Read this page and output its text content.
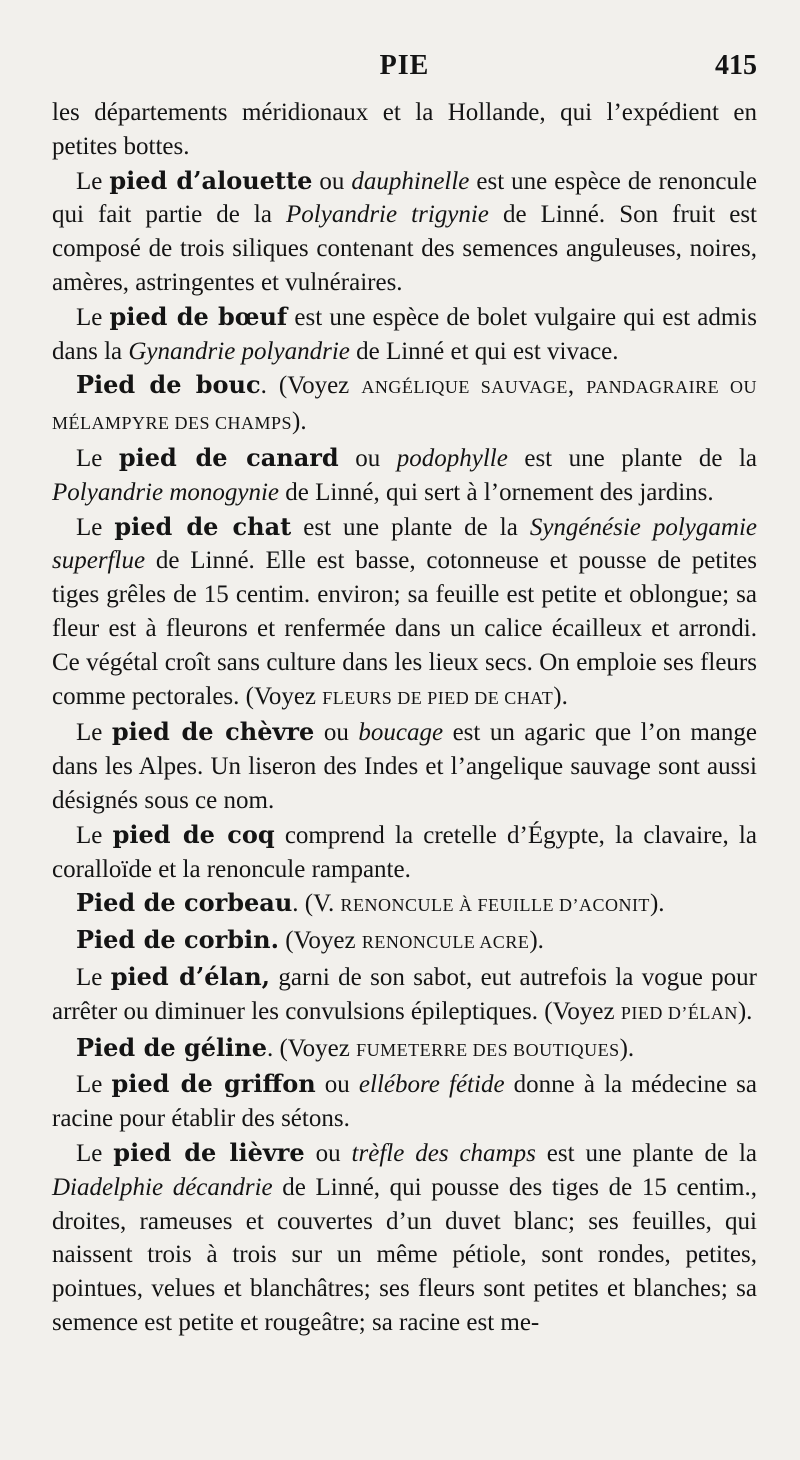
PIE	415

les départements méridionaux et la Hollande, qui l’expédient en petites bottes.

Le pied d’alouette ou dauphinelle est une espèce de renoncule qui fait partie de la Polyandrie trigynie de Linné. Son fruit est composé de trois siliques contenant des semences anguleuses, noires, amères, astringentes et vulnéraires.

Le pied de bœuf est une espèce de bolet vulgaire qui est admis dans la Gynandrie polyandrie de Linné et qui est vivace.

Pied de bouc. (Voyez ANGÉLIQUE SAUVAGE, PANDAGRAIRE OU MÉLAMPYRE DES CHAMPS).

Le pied de canard ou podophylle est une plante de la Polyandrie monogynie de Linné, qui sert à l’ornement des jardins.

Le pied de chat est une plante de la Syngénésie polygamie superflue de Linné. Elle est basse, cotonneuse et pousse de petites tiges grêles de 15 centim. environ; sa feuille est petite et oblongue; sa fleur est à fleurons et renfermée dans un calice écailleux et arrondi. Ce végétal croît sans culture dans les lieux secs. On emploie ses fleurs comme pectorales. (Voyez FLEURS DE PIED DE CHAT).

Le pied de chèvre ou boucage est un agaric que l’on mange dans les Alpes. Un liseron des Indes et l’angelique sauvage sont aussi désignés sous ce nom.

Le pied de coq comprend la cretelle d’Égypte, la clavaire, la coralloïde et la renoncule rampante.

Pied de corbeau. (V. RENONCULE À FEUILLE D’ACONIT).

Pied de corbin. (Voyez RENONCULE ACRE).

Le pied d’élan, garni de son sabot, eut autrefois la vogue pour arrêter ou diminuer les convulsions épileptiques. (Voyez PIED D’ÉLAN).

Pied de géline. (Voyez FUMETERRE DES BOUTIQUES).

Le pied de griffon ou ellébore fétide donne à la médecine sa racine pour établir des sétons.

Le pied de lièvre ou trèfle des champs est une plante de la Diadelphie décandrie de Linné, qui pousse des tiges de 15 centim., droites, rameuses et couvertes d’un duvet blanc; ses feuilles, qui naissent trois à trois sur un même pétiole, sont rondes, petites, pointues, velues et blanchâtres; ses fleurs sont petites et blanches; sa semence est petite et rougeâtre; sa racine est me-
